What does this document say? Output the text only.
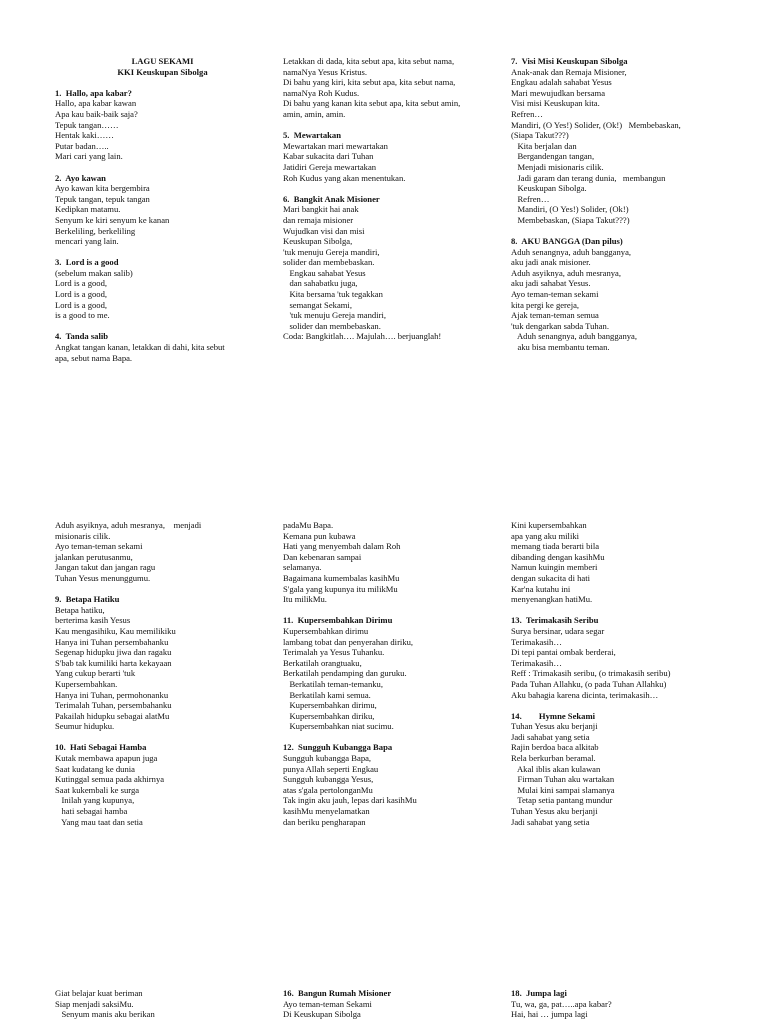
LAGU SEKAMI
KKI Keuskupan Sibolga
1.  Hallo, apa kabar?
Hallo, apa kabar kawan
Apa kau baik-baik saja?
Tepuk tangan……
Hentak kaki……
Putar badan…..
Mari cari yang lain.
2.  Ayo kawan
Ayo kawan kita bergembira
Tepuk tangan, tepuk tangan
Kedipkan matamu.
Senyum ke kiri senyum ke kanan
Berkeliling, berkeliling
mencari yang lain.
3.  Lord is a good
(sebelum makan salib)
Lord is a good,
Lord is a good,
Lord is a good,
is a good to me.
4.  Tanda salib
Angkat tangan kanan, letakkan di dahi, kita sebut
apa, sebut nama Bapa.
Letakkan di dada, kita sebut apa, kita sebut nama,
namaNya Yesus Kristus.
Di bahu yang kiri, kita sebut apa, kita sebut nama,
namaNya Roh Kudus.
Di bahu yang kanan kita sebut apa, kita sebut amin,
amin, amin, amin.
5.  Mewartakan
Mewartakan mari mewartakan
Kabar sukacita dari Tuhan
Jatidiri Gereja mewartakan
Roh Kudus yang akan menentukan.
6.  Bangkit Anak Misioner
Mari bangkit hai anak
dan remaja misioner
Wujudkan visi dan misi
Keuskupan Sibolga,
'tuk menuju Gereja mandiri,
solider dan membebaskan.
Engkau sahabat Yesus
dan sahabatku juga,
Kita bersama 'tuk tegakkan
semangat Sekami,
'tuk menuju Gereja mandiri,
solider dan membebaskan.
Coda: Bangkitlah…. Majulah…. berjuanglah!
7.  Visi Misi Keuskupan Sibolga
Anak-anak dan Remaja Misioner,
Engkau adalah sahabat Yesus
Mari mewujudkan bersama
Visi misi Keuskupan kita.
Refren…
Mandiri, (O Yes!) Solider, (Ok!)   Membebaskan,
(Siapa Takut???)
Kita berjalan dan
Bergandengan tangan,
Menjadi misionaris cilik.
Jadi garam dan terang dunia,   membangun
Keuskupan Sibolga.
Refren…
Mandiri, (O Yes!) Solider, (Ok!)
Membebaskan, (Siapa Takut???)
8.  AKU BANGGA (Dan pilus)
Aduh senangnya, aduh bangganya,
aku jadi anak misioner.
Aduh asyiknya, aduh mesranya,
aku jadi sahabat Yesus.
Ayo teman-teman sekami
kita pergi ke gereja,
Ajak teman-teman semua
'tuk dengarkan sabda Tuhan.
Aduh senangnya, aduh bangganya,
aku bisa membantu teman.
Aduh asyiknya, aduh mesranya,    menjadi
misionaris cilik.
Ayo teman-teman sekami
jalankan perutusanmu,
Jangan takut dan jangan ragu
Tuhan Yesus menunggumu.
9.  Betapa Hatiku
Betapa hatiku,
berterima kasih Yesus
Kau mengasihiku, Kau memilikiku
Hanya ini Tuhan persembahanku
Segenap hidupku jiwa dan ragaku
S'bab tak kumiliki harta kekayaan
Yang cukup berarti 'tuk
Kupersembahkan.
Hanya ini Tuhan, permohonanku
Terimalah Tuhan, persembahanku
Pakailah hidupku sebagai alatMu
Seumur hidupku.
10.  Hati Sebagai Hamba
Kutak membawa apapun juga
Saat kudatang ke dunia
Kutinggal semua pada akhirnya
Saat kukembali ke surga
Inilah yang kupunya,
hati sebagai hamba
Yang mau taat dan setia
padaMu Bapa.
Kemana pun kubawa
Hati yang menyembah dalam Roh
Dan kebenaran sampai
selamanya.
Bagaimana kumembalas kasihMu
S'gala yang kupunya itu milikMu
Itu milikMu.
11.  Kupersembahkan Dirimu
Kupersembahkan dirimu
lambang tobat dan penyerahan diriku,
Terimalah ya Yesus Tuhanku.
Berkatilah orangtuaku,
Berkatilah pendamping dan guruku.
Berkatilah teman-temanku,
Berkatilah kami semua.
Kupersembahkan dirimu,
Kupersembahkan diriku,
Kupersembahkan niat sucimu.
12.  Sungguh Kubangga Bapa
Sungguh kubangga Bapa,
punya Allah seperti Engkau
Sungguh kubangga Yesus,
atas s'gala pertolonganMu
Tak ingin aku jauh, lepas dari kasihMu
kasihMu menyelamatkan
dan beriku pengharapan
Kini kupersembahkan
apa yang aku miliki
memang tiada berarti bila
dibanding dengan kasihMu
Namun kuingin memberi
dengan sukacita di hati
Kar'na kutahu ini
menyenangkan hatiMu.
13.  Terimakasih Seribu
Surya bersinar, udara segar
Terimakasih…
Di tepi pantai ombak berderai,
Terimakasih…
Reff : Trimakasih seribu, (o trimakasih seribu)
Pada Tuhan Allahku, (o pada Tuhan Allahku)
Aku bahagia karena dicinta, terimakasih…
14.        Hymne Sekami
Tuhan Yesus aku berjanji
Jadi sahabat yang setia
Rajin berdoa baca alkitab
Rela berkurban beramal.
Akal iblis akan kulawan
Firman Tuhan aku wartakan
Mulai kini sampai slamanya
Tetap setia pantang mundur
Tuhan Yesus aku berjanji
Jadi sahabat yang setia
Giat belajar kuat beriman
Siap menjadi saksiMu.
Senyum manis aku berikan
16.  Bangun Rumah Misioner
Ayo teman-teman Sekami
Di Keuskupan Sibolga
18.  Jumpa lagi
Tu, wa, ga, pat…..apa kabar?
Hai, hai … jumpa lagi
